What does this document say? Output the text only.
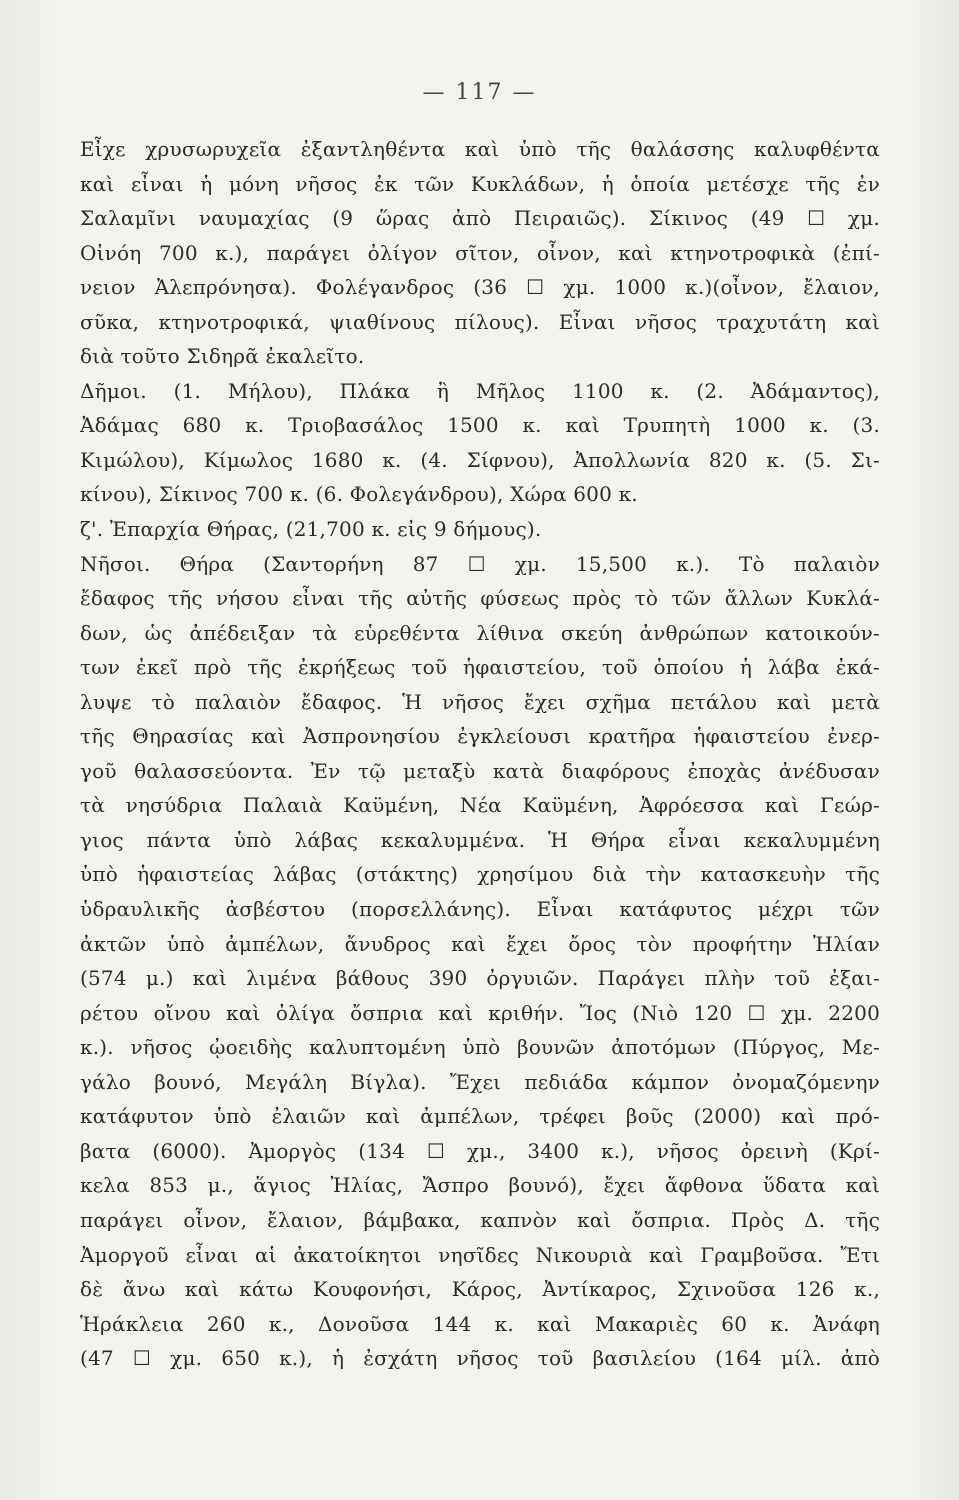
— 117 —
Εἶχε χρυσωρυχεῖα ἐξαντληθέντα καὶ ὑπὸ τῆς θαλάσσης καλυφθέντα
καὶ εἶναι ἡ μόνη νῆσος ἐκ τῶν Κυκλάδων, ἡ ὁποία μετέσχε τῆς ἐν
Σαλαμῖνι ναυμαχίας (9 ὥρας ἀπὸ Πειραιῶς). Σίκινος (49 ☐ χμ.
Οἰνόη 700 κ.), παράγει ὀλίγον σῖτον, οἶνον, καὶ κτηνοτροφικὰ (ἐπί-
νειον Ἀλεπρόνησα). Φολέγανδρος (36 ☐ χμ. 1000 κ.)(οἶνον, ἔλαιον,
σῦκα, κτηνοτροφικά, ψιαθίνους πίλους). Εἶναι νῆσος τραχυτάτη καὶ
διὰ τοῦτο Σιδηρᾶ ἐκαλεῖτο.
Δῆμοι. (1. Μήλου), Πλάκα ἢ Μῆλος 1100 κ. (2. Ἀδάμαντος),
Ἀδάμας 680 κ. Τριοβασάλος 1500 κ. καὶ Τρυπητὴ 1000 κ. (3.
Κιμώλου), Κίμωλος 1680 κ. (4. Σίφνου), Ἀπολλωνία 820 κ. (5. Σι-
κίνου), Σίκινος 700 κ. (6. Φολεγάνδρου), Χώρα 600 κ.
ζ'. Ἐπαρχία Θήρας, (21,700 κ. εἰς 9 δήμους).
Νῆσοι. Θήρα (Σαντορήνη 87 ☐ χμ. 15,500 κ.). Τὸ παλαιὸν
ἔδαφος τῆς νήσου εἶναι τῆς αὐτῆς φύσεως πρὸς τὸ τῶν ἄλλων Κυκλά-
δων, ὡς ἀπέδειξαν τὰ εὑρεθέντα λίθινα σκεύη ἀνθρώπων κατοικούν-
των ἐκεῖ πρὸ τῆς ἐκρήξεως τοῦ ἡφαιστείου, τοῦ ὁποίου ἡ λάβα ἐκά-
λυψε τὸ παλαιὸν ἔδαφος. Ἡ νῆσος ἔχει σχῆμα πετάλου καὶ μετὰ
τῆς Θηρασίας καὶ Ἀσπρονησίου ἐγκλείουσι κρατῆρα ἡφαιστείου ἐνερ-
γοῦ θαλασσεύοντα. Ἐν τῷ μεταξὺ κατὰ διαφόρους ἐποχὰς ἀνέδυσαν
τὰ νησύδρια Παλαιὰ Καϋμένη, Νέα Καϋμένη, Ἀφρόεσσα καὶ Γεώρ-
γιος πάντα ὑπὸ λάβας κεκαλυμμένα. Ἡ Θήρα εἶναι κεκαλυμμένη
ὑπὸ ἡφαιστείας λάβας (στάκτης) χρησίμου διὰ τὴν κατασκευὴν τῆς
ὑδραυλικῆς ἀσβέστου (πορσελλάνης). Εἶναι κατάφυτος μέχρι τῶν
ἀκτῶν ὑπὸ ἀμπέλων, ἄνυδρος καὶ ἔχει ὄρος τὸν προφήτην Ἠλίαν
(574 μ.) καὶ λιμένα βάθους 390 ὀργυιῶν. Παράγει πλὴν τοῦ ἐξαι-
ρέτου οἴνου καὶ ὀλίγα ὄσπρια καὶ κριθήν. Ἴος (Νιὸ 120 ☐ χμ. 2200
κ.). νῆσος ᾠοειδὴς καλυπτομένη ὑπὸ βουνῶν ἀποτόμων (Πύργος, Με-
γάλο βουνό, Μεγάλη Βίγλα). Ἔχει πεδιάδα κάμπον ὀνομαζόμενην
κατάφυτον ὑπὸ ἐλαιῶν καὶ ἀμπέλων, τρέφει βοῦς (2000) καὶ πρό-
βατα (6000). Ἀμοργὸς (134 ☐ χμ., 3400 κ.), νῆσος ὀρεινὴ (Κρί-
κελα 853 μ., ἅγιος Ἠλίας, Ἄσπρο βουνό), ἔχει ἄφθονα ὕδατα καὶ
παράγει οἶνον, ἔλαιον, βάμβακα, καπνὸν καὶ ὄσπρια. Πρὸς Δ. τῆς
Ἀμοργοῦ εἶναι αἱ ἀκατοίκητοι νησῖδες Νικουριὰ καὶ Γραμβοῦσα. Ἔτι
δὲ ἄνω καὶ κάτω Κουφονήσι, Κάρος, Ἀντίκαρος, Σχινοῦσα 126 κ.,
Ἡράκλεια 260 κ., Δονοῦσα 144 κ. καὶ Μακαριὲς 60 κ. Ἀνάφη
(47 ☐ χμ. 650 κ.), ἡ ἐσχάτη νῆσος τοῦ βασιλείου (164 μίλ. ἀπὸ
